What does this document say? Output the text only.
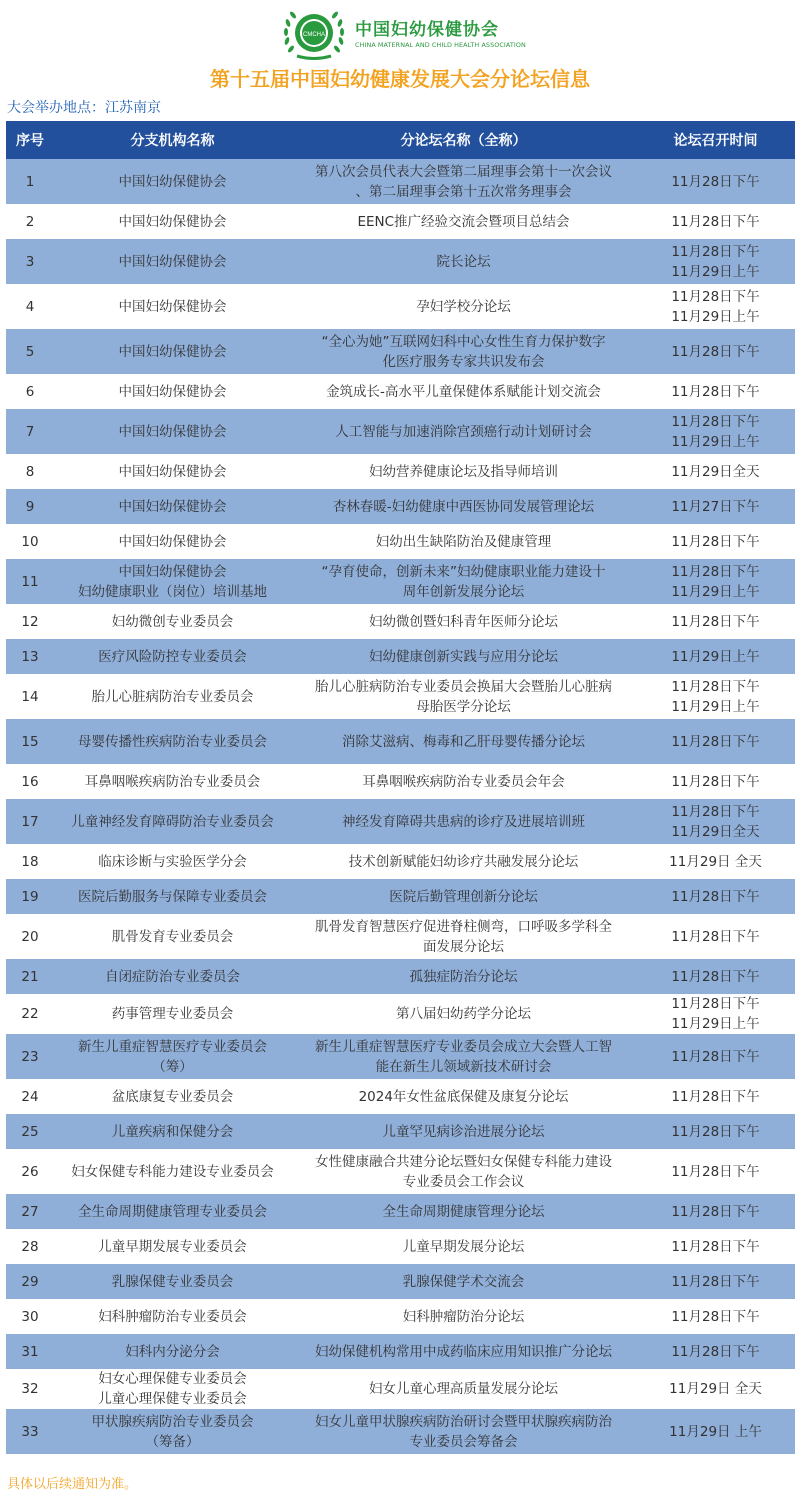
CMCHA 中国妇幼保健协会
CHINA MATERNAL AND CHILD HEALTH ASSOCIATION
第十五届中国妇幼健康发展大会分论坛信息
大会举办地点：江苏南京
序号	分支机构名称	分论坛名称（全称）	论坛召开时间
1	中国妇幼保健协会	第八次会员代表大会暨第二届理事会第十一次会议
、第二届理事会第十五次常务理事会	11月28日下午

2	中国妇幼保健协会	EENC推广经验交流会暨项目总结会	11月28日下午

3	中国妇幼保健协会	院长论坛	11月28日下午
11月29日上午

4	中国妇幼保健协会	孕妇学校分论坛	11月28日下午
11月29日上午

5	中国妇幼保健协会	“全心为她”互联网妇科中心女性生育力保护数字
化医疗服务专家共识发布会	11月28日下午

6	中国妇幼保健协会	金筑成长-高水平儿童保健体系赋能计划交流会	11月28日下午

7	中国妇幼保健协会	人工智能与加速消除宫颈癌行动计划研讨会	11月28日下午
11月29日上午

8	中国妇幼保健协会	妇幼营养健康论坛及指导师培训	11月29日全天

9	中国妇幼保健协会	杏林春暖-妇幼健康中西医协同发展管理论坛	11月27日下午

10	中国妇幼保健协会	妇幼出生缺陷防治及健康管理	11月28日下午

11	中国妇幼保健协会
妇幼健康职业（岗位）培训基地	“孕育使命，创新未来”妇幼健康职业能力建设十
周年创新发展分论坛	11月28日下午
11月29日上午

12	妇幼微创专业委员会	妇幼微创暨妇科青年医师分论坛	11月28日下午

13	医疗风险防控专业委员会	妇幼健康创新实践与应用分论坛	11月29日上午

14	胎儿心脏病防治专业委员会	胎儿心脏病防治专业委员会换届大会暨胎儿心脏病
母胎医学分论坛	11月28日下午
11月29日上午

15	母婴传播性疾病防治专业委员会	消除艾滋病、梅毒和乙肝母婴传播分论坛	11月28日下午

16	耳鼻咽喉疾病防治专业委员会	耳鼻咽喉疾病防治专业委员会年会	11月28日下午

17	儿童神经发育障碍防治专业委员会	神经发育障碍共患病的诊疗及进展培训班	11月28日下午
11月29日全天

18	临床诊断与实验医学分会	技术创新赋能妇幼诊疗共融发展分论坛	11月29日 全天

19	医院后勤服务与保障专业委员会	医院后勤管理创新分论坛	11月28日下午

20	肌骨发育专业委员会	肌骨发育智慧医疗促进脊柱侧弯，口呼吸多学科全
面发展分论坛	11月28日下午

21	自闭症防治专业委员会	孤独症防治分论坛	11月28日下午

22	药事管理专业委员会	第八届妇幼药学分论坛	11月28日下午
11月29日上午

23	新生儿重症智慧医疗专业委员会
（筹）	新生儿重症智慧医疗专业委员会成立大会暨人工智
能在新生儿领域新技术研讨会	11月28日下午

24	盆底康复专业委员会	2024年女性盆底保健及康复分论坛	11月28日下午

25	儿童疾病和保健分会	儿童罕见病诊治进展分论坛	11月28日下午

26	妇女保健专科能力建设专业委员会	女性健康融合共建分论坛暨妇女保健专科能力建设
专业委员会工作会议	11月28日下午

27	全生命周期健康管理专业委员会	全生命周期健康管理分论坛	11月28日下午

28	儿童早期发展专业委员会	儿童早期发展分论坛	11月28日下午

29	乳腺保健专业委员会	乳腺保健学术交流会	11月28日下午

30	妇科肿瘤防治专业委员会	妇科肿瘤防治分论坛	11月28日下午

31	妇科内分泌分会	妇幼保健机构常用中成药临床应用知识推广分论坛	11月28日下午

32	妇女心理保健专业委员会
儿童心理保健专业委员会	妇女儿童心理高质量发展分论坛	11月29日 全天

33	甲状腺疾病防治专业委员会
（筹备）	妇女儿童甲状腺疾病防治研讨会暨甲状腺疾病防治
专业委员会筹备会	11月29日 上午
具体以后续通知为准。
